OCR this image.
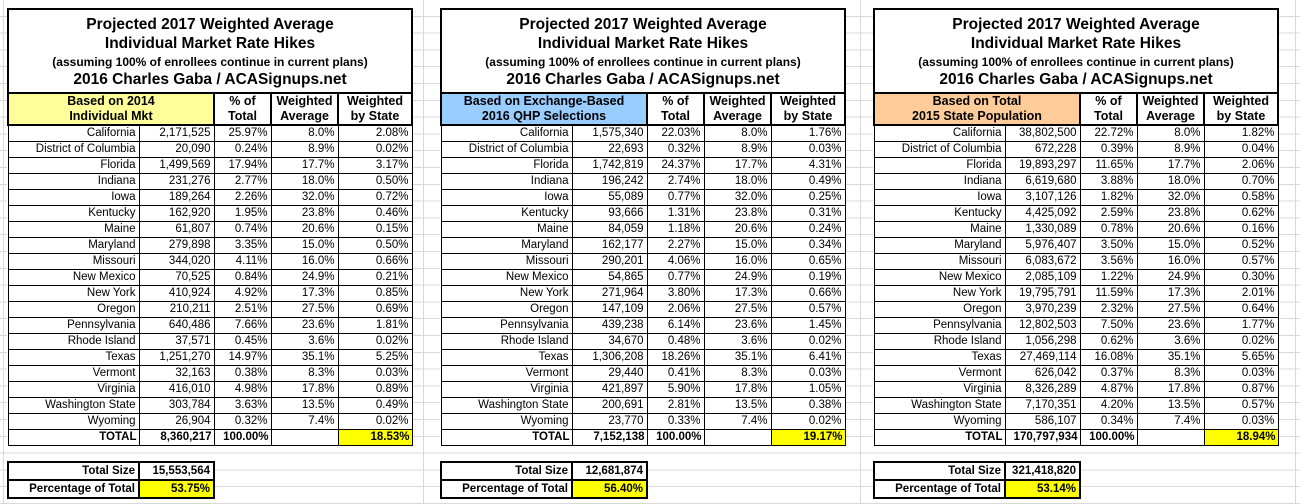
Projected 2017 Weighted Average
Individual Market Rate Hikes
(assuming 100% of enrollees continue in current plans)
2016 Charles Gaba / ACASignups.net				

Based on 2014
Individual Mkt

% of
Total

Weighted
Average

Weighted
by State

California	2,171,525	25.97%	8.0%	2.08%
District of Columbia	20,090	0.24%	8.9%	0.02%
Florida	1,499,569	17.94%	17.7%	3.17%
Indiana	231,276	2.77%	18.0%	0.50%
Iowa	189,264	2.26%	32.0%	0.72%
Kentucky	162,920	1.95%	23.8%	0.46%
Maine	61,807	0.74%	20.6%	0.15%
Maryland	279,898	3.35%	15.0%	0.50%
Missouri	344,020	4.11%	16.0%	0.66%
New Mexico	70,525	0.84%	24.9%	0.21%
New York	410,924	4.92%	17.3%	0.85%
Oregon	210,211	2.51%	27.5%	0.69%
Pennsylvania	640,486	7.66%	23.6%	1.81%
Rhode Island	37,571	0.45%	3.6%	0.02%
Texas	1,251,270	14.97%	35.1%	5.25%
Vermont	32,163	0.38%	8.3%	0.03%
Virginia	416,010	4.98%	17.8%	0.89%
Washington State	303,784	3.63%	13.5%	0.49%
Wyoming	26,904	0.32%	7.4%	0.02%
TOTAL	8,360,217	100.00%		18.53%
Total Size	15,553,564
Percentage of Total	53.75%
Projected 2017 Weighted Average
Individual Market Rate Hikes
(assuming 100% of enrollees continue in current plans)
2016 Charles Gaba / ACASignups.net				

Based on Exchange-Based
2016 QHP Selections

% of
Total

Weighted
Average

Weighted
by State

California	1,575,340	22.03%	8.0%	1.76%
District of Columbia	22,693	0.32%	8.9%	0.03%
Florida	1,742,819	24.37%	17.7%	4.31%
Indiana	196,242	2.74%	18.0%	0.49%
Iowa	55,089	0.77%	32.0%	0.25%
Kentucky	93,666	1.31%	23.8%	0.31%
Maine	84,059	1.18%	20.6%	0.24%
Maryland	162,177	2.27%	15.0%	0.34%
Missouri	290,201	4.06%	16.0%	0.65%
New Mexico	54,865	0.77%	24.9%	0.19%
New York	271,964	3.80%	17.3%	0.66%
Oregon	147,109	2.06%	27.5%	0.57%
Pennsylvania	439,238	6.14%	23.6%	1.45%
Rhode Island	34,670	0.48%	3.6%	0.02%
Texas	1,306,208	18.26%	35.1%	6.41%
Vermont	29,440	0.41%	8.3%	0.03%
Virginia	421,897	5.90%	17.8%	1.05%
Washington State	200,691	2.81%	13.5%	0.38%
Wyoming	23,770	0.33%	7.4%	0.02%
TOTAL	7,152,138	100.00%		19.17%
Total Size	12,681,874
Percentage of Total	56.40%
Projected 2017 Weighted Average
Individual Market Rate Hikes
(assuming 100% of enrollees continue in current plans)
2016 Charles Gaba / ACASignups.net				

Based on Total
2015 State Population

% of
Total

Weighted
Average

Weighted
by State

California	38,802,500	22.72%	8.0%	1.82%
District of Columbia	672,228	0.39%	8.9%	0.04%
Florida	19,893,297	11.65%	17.7%	2.06%
Indiana	6,619,680	3.88%	18.0%	0.70%
Iowa	3,107,126	1.82%	32.0%	0.58%
Kentucky	4,425,092	2.59%	23.8%	0.62%
Maine	1,330,089	0.78%	20.6%	0.16%
Maryland	5,976,407	3.50%	15.0%	0.52%
Missouri	6,083,672	3.56%	16.0%	0.57%
New Mexico	2,085,109	1.22%	24.9%	0.30%
New York	19,795,791	11.59%	17.3%	2.01%
Oregon	3,970,239	2.32%	27.5%	0.64%
Pennsylvania	12,802,503	7.50%	23.6%	1.77%
Rhode Island	1,056,298	0.62%	3.6%	0.02%
Texas	27,469,114	16.08%	35.1%	5.65%
Vermont	626,042	0.37%	8.3%	0.03%
Virginia	8,326,289	4.87%	17.8%	0.87%
Washington State	7,170,351	4.20%	13.5%	0.57%
Wyoming	586,107	0.34%	7.4%	0.03%
TOTAL	170,797,934	100.00%		18.94%
Total Size	321,418,820
Percentage of Total	53.14%
